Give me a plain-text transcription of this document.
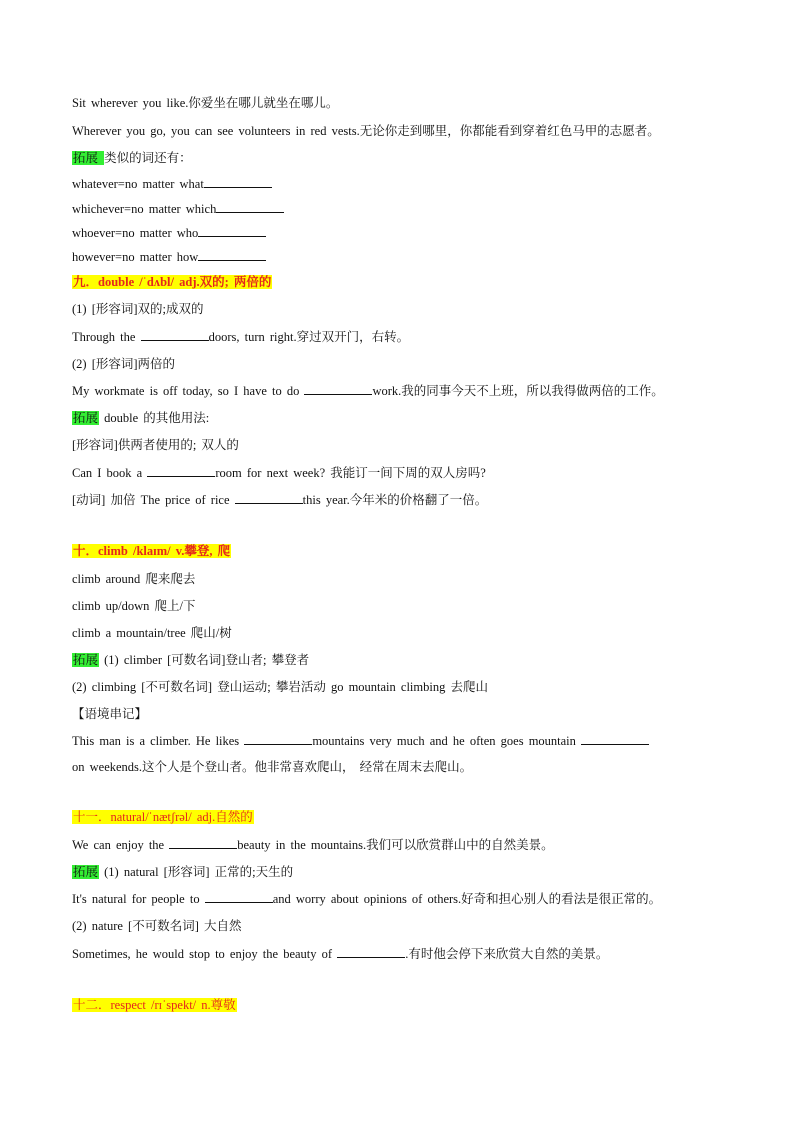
Sit wherever you like.你爱坐在哪儿就坐在哪儿。
Wherever you go, you can see volunteers in red vests.无论你走到哪里，你都能看到穿着红色马甲的志愿者。
拓展 类似的词还有：
whatever=no matter what
whichever=no matter which
whoever=no matter who
however=no matter how
九．double /ˈdʌbl/ adj.双的; 两倍的
(1) [形容词]双的;成双的
Through the	doors, turn right.穿过双开门，右转。
(2) [形容词]两倍的
My workmate is off today, so I have to do	work.我的同事今天不上班，所以我得做两倍的工作。
拓展 double 的其他用法:
[形容词]供两者使用的; 双人的
Can I book a	room for next week? 我能订一间下周的双人房吗?
[动词] 加倍 The price of rice	this year.今年米的价格翻了一倍。
十．climb /klaɪm/ v.攀登, 爬
climb around 爬来爬去
climb up/down 爬上/下
climb a mountain/tree 爬山/树
拓展 (1) climber [可数名词]登山者; 攀登者
(2) climbing [不可数名词] 登山运动; 攀岩活动 go mountain climbing 去爬山
【语境串记】
This man is a climber. He likes	mountains very much and he often goes mountain
on weekends.这个人是个登山者。他非常喜欢爬山， 经常在周末去爬山。
十一．natural/ˈnætʃrəl/ adj.自然的
We can enjoy the	beauty in the mountains.我们可以欣赏群山中的自然美景。
拓展 (1) natural [形容词] 正常的;天生的
It's natural for people to	and worry about opinions of others.好奇和担心别人的看法是很正常的。
(2) nature [不可数名词] 大自然
Sometimes, he would stop to enjoy the beauty of	.有时他会停下来欣赏大自然的美景。
十二．respect /rɪˈspekt/ n.尊敬
